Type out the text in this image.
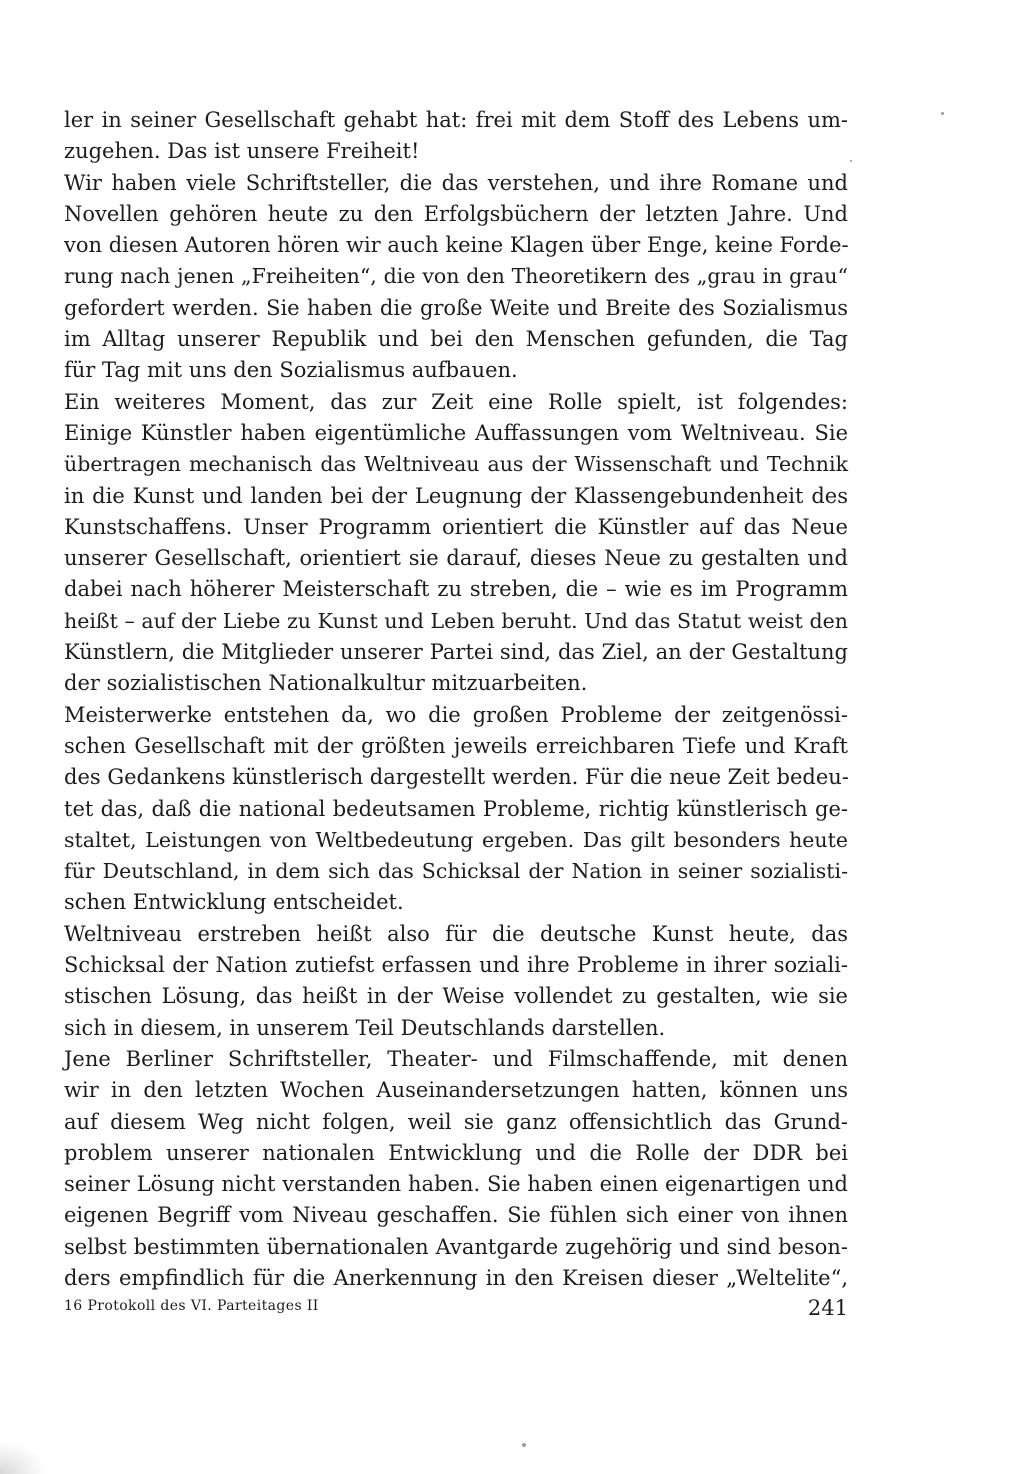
ler in seiner Gesellschaft gehabt hat: frei mit dem Stoff des Lebens um-
zugehen. Das ist unsere Freiheit!
Wir haben viele Schriftsteller, die das verstehen, und ihre Romane und
Novellen gehören heute zu den Erfolgsbüchern der letzten Jahre. Und
von diesen Autoren hören wir auch keine Klagen über Enge, keine Forde-
rung nach jenen „Freiheiten“, die von den Theoretikern des „grau in grau“
gefordert werden. Sie haben die große Weite und Breite des Sozialismus
im Alltag unserer Republik und bei den Menschen gefunden, die Tag
für Tag mit uns den Sozialismus aufbauen.
Ein weiteres Moment, das zur Zeit eine Rolle spielt, ist folgendes:
Einige Künstler haben eigentümliche Auffassungen vom Weltniveau. Sie
übertragen mechanisch das Weltniveau aus der Wissenschaft und Technik
in die Kunst und landen bei der Leugnung der Klassengebundenheit des
Kunstschaffens. Unser Programm orientiert die Künstler auf das Neue
unserer Gesellschaft, orientiert sie darauf, dieses Neue zu gestalten und
dabei nach höherer Meisterschaft zu streben, die – wie es im Programm
heißt – auf der Liebe zu Kunst und Leben beruht. Und das Statut weist den
Künstlern, die Mitglieder unserer Partei sind, das Ziel, an der Gestaltung
der sozialistischen Nationalkultur mitzuarbeiten.
Meisterwerke entstehen da, wo die großen Probleme der zeitgenössi-
schen Gesellschaft mit der größten jeweils erreichbaren Tiefe und Kraft
des Gedankens künstlerisch dargestellt werden. Für die neue Zeit bedeu-
tet das, daß die national bedeutsamen Probleme, richtig künstlerisch ge-
staltet, Leistungen von Weltbedeutung ergeben. Das gilt besonders heute
für Deutschland, in dem sich das Schicksal der Nation in seiner sozialisti-
schen Entwicklung entscheidet.
Weltniveau erstreben heißt also für die deutsche Kunst heute, das
Schicksal der Nation zutiefst erfassen und ihre Probleme in ihrer soziali-
stischen Lösung, das heißt in der Weise vollendet zu gestalten, wie sie
sich in diesem, in unserem Teil Deutschlands darstellen.
Jene Berliner Schriftsteller, Theater- und Filmschaffende, mit denen
wir in den letzten Wochen Auseinandersetzungen hatten, können uns
auf diesem Weg nicht folgen, weil sie ganz offensichtlich das Grund-
problem unserer nationalen Entwicklung und die Rolle der DDR bei
seiner Lösung nicht verstanden haben. Sie haben einen eigenartigen und
eigenen Begriff vom Niveau geschaffen. Sie fühlen sich einer von ihnen
selbst bestimmten übernationalen Avantgarde zugehörig und sind beson-
ders empfindlich für die Anerkennung in den Kreisen dieser „Weltelite“,
16 Protokoll des VI. Parteitages II	241
